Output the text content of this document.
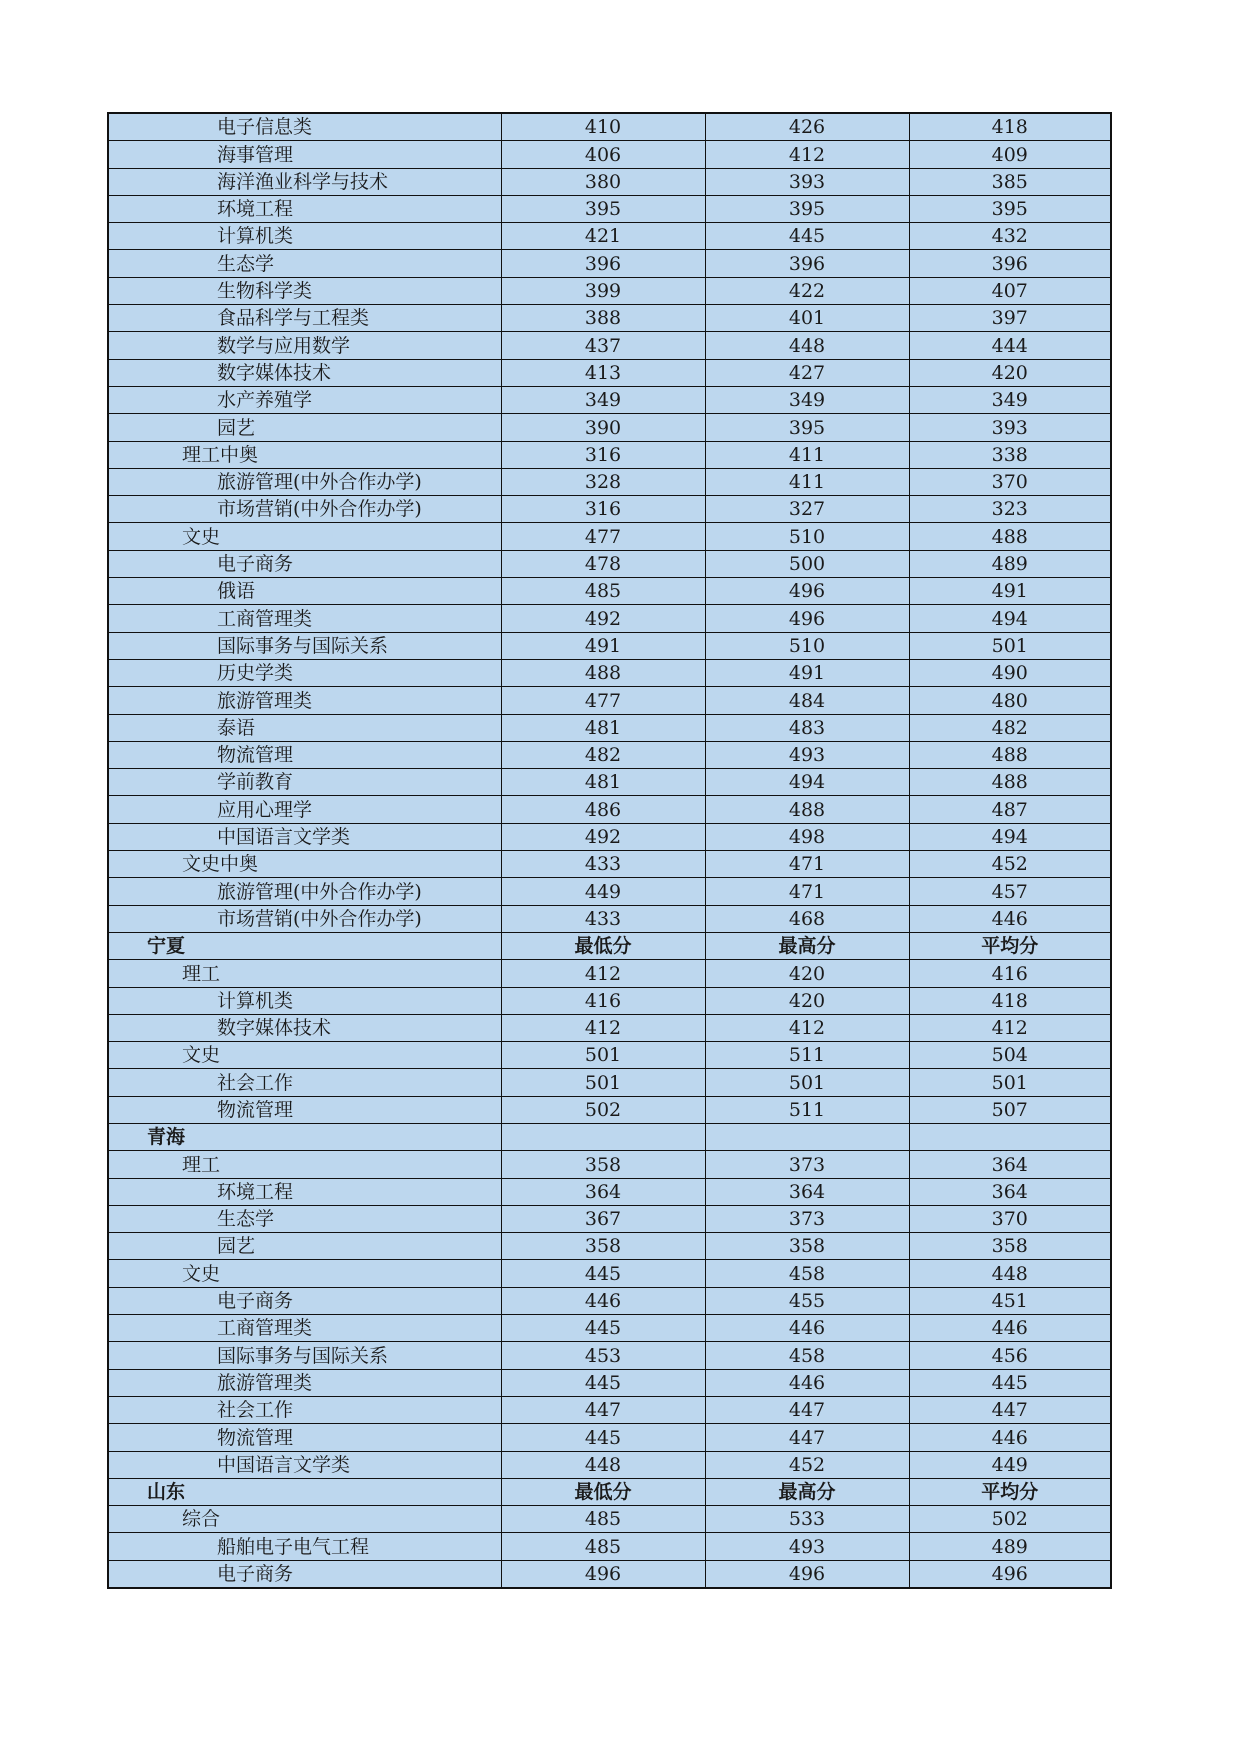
电子信息类	410	426	418
海事管理	406	412	409
海洋渔业科学与技术	380	393	385
环境工程	395	395	395
计算机类	421	445	432
生态学	396	396	396
生物科学类	399	422	407
食品科学与工程类	388	401	397
数学与应用数学	437	448	444
数字媒体技术	413	427	420
水产养殖学	349	349	349
园艺	390	395	393
理工中奥	316	411	338
旅游管理(中外合作办学)	328	411	370
市场营销(中外合作办学)	316	327	323
文史	477	510	488
电子商务	478	500	489
俄语	485	496	491
工商管理类	492	496	494
国际事务与国际关系	491	510	501
历史学类	488	491	490
旅游管理类	477	484	480
泰语	481	483	482
物流管理	482	493	488
学前教育	481	494	488
应用心理学	486	488	487
中国语言文学类	492	498	494
文史中奥	433	471	452
旅游管理(中外合作办学)	449	471	457
市场营销(中外合作办学)	433	468	446
宁夏	最低分	最高分	平均分
理工	412	420	416
计算机类	416	420	418
数字媒体技术	412	412	412
文史	501	511	504
社会工作	501	501	501
物流管理	502	511	507
青海			
理工	358	373	364
环境工程	364	364	364
生态学	367	373	370
园艺	358	358	358
文史	445	458	448
电子商务	446	455	451
工商管理类	445	446	446
国际事务与国际关系	453	458	456
旅游管理类	445	446	445
社会工作	447	447	447
物流管理	445	447	446
中国语言文学类	448	452	449
山东	最低分	最高分	平均分
综合	485	533	502
船舶电子电气工程	485	493	489
电子商务	496	496	496
